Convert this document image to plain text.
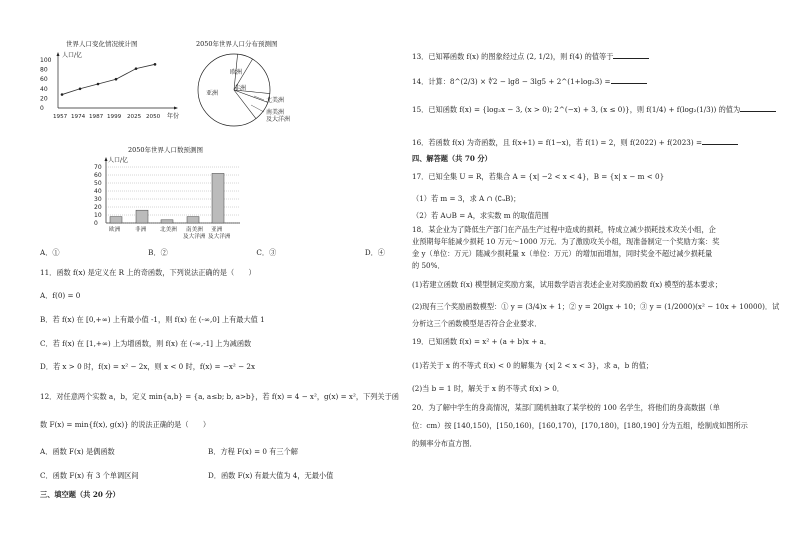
世界人口变化情况统计图
人口/亿
100
80
60
40
20
0
1957 1974 1987 1999 2025 2050 年份
2050年世界人口分布预测图
欧洲
非洲
亚洲
北美洲
南美洲
及大洋洲
2050年世界人口数预测图
人口/亿
70
60
50
40
30
20
10
0
欧洲	非洲 北美洲 南美洲
及大洋洲
亚洲
及大洋洲
A．①	B．②	C．③	D．④
11．函数 f(x) 是定义在 R 上的奇函数，下列说法正确的是（　　）
A．f(0) = 0
B．若 f(x) 在 [0,+∞) 上有最小值 -1，则 f(x) 在 (-∞,0] 上有最大值 1
C．若 f(x) 在 [1,+∞) 上为增函数，则 f(x) 在 (-∞,-1] 上为减函数
D．若 x > 0 时，f(x) = x² − 2x，则 x < 0 时，f(x) = −x² − 2x
12．对任意两个实数 a，b，定义 min{a,b} = {a, a≤b; b, a>b}，若 f(x) = 4 − x²，g(x) = x²，下列关于函
数 F(x) = min{f(x), g(x)} 的说法正确的是（　　）
A．函数 F(x) 是偶函数	B．方程 F(x) = 0 有三个解
C．函数 F(x) 有 3 个单调区间	D．函数 F(x) 有最大值为 4，无最小值
三、填空题（共 20 分）
13．已知幂函数 f(x) 的图象经过点 (2, 1/2)，则 f(4) 的值等于
14．计算：8^(2/3) × ∜2 − lg8 − 3lg5 + 2^(1+log₂3) =
15．已知函数 f(x) = {log₂x − 3, (x > 0); 2^(−x) + 3, (x ≤ 0)}，则 f(1/4) + f(log₂(1/3)) 的值为
16．若函数 f(x) 为奇函数，且 f(x+1) = f(1−x)，若 f(1) = 2，则 f(2022) + f(2023) =
四、解答题（共 70 分）
17．已知全集 U = R，若集合 A = {x| −2 < x < 4}，B = {x| x − m < 0}
（1）若 m = 3，求 A ∩ (∁ᵤB)；
（2）若 A∪B = A，求实数 m 的取值范围
18．某企业为了降低生产部门在产品生产过程中造成的损耗，特成立减少损耗技术攻关小组，企
业预期每年能减少损耗 10 万元～1000 万元．为了激励攻关小组，现准备制定一个奖励方案：奖
金 y（单位：万元）随减少损耗量 x（单位：万元）的增加而增加，同时奖金不超过减少损耗量
的 50%．
(1)若建立函数 f(x) 模型制定奖励方案，试用数学语言表述企业对奖励函数 f(x) 模型的基本要求；
(2)现有三个奖励函数模型：① y = (3/4)x + 1；② y = 20lgx + 10；③ y = (1/2000)(x² − 10x + 10000)．试
分析这三个函数模型是否符合企业要求．
19．已知函数 f(x) = x² + (a + b)x + a．
(1)若关于 x 的不等式 f(x) < 0 的解集为 {x| 2 < x < 3}，求 a，b 的值；
(2)当 b = 1 时，解关于 x 的不等式 f(x) > 0．
20．为了解中学生的身高情况，某部门随机抽取了某学校的 100 名学生，将他们的身高数据（单
位：cm）按 [140,150)，[150,160)，[160,170)，[170,180)，[180,190] 分为五组，绘制成如图所示
的频率分布直方图．
